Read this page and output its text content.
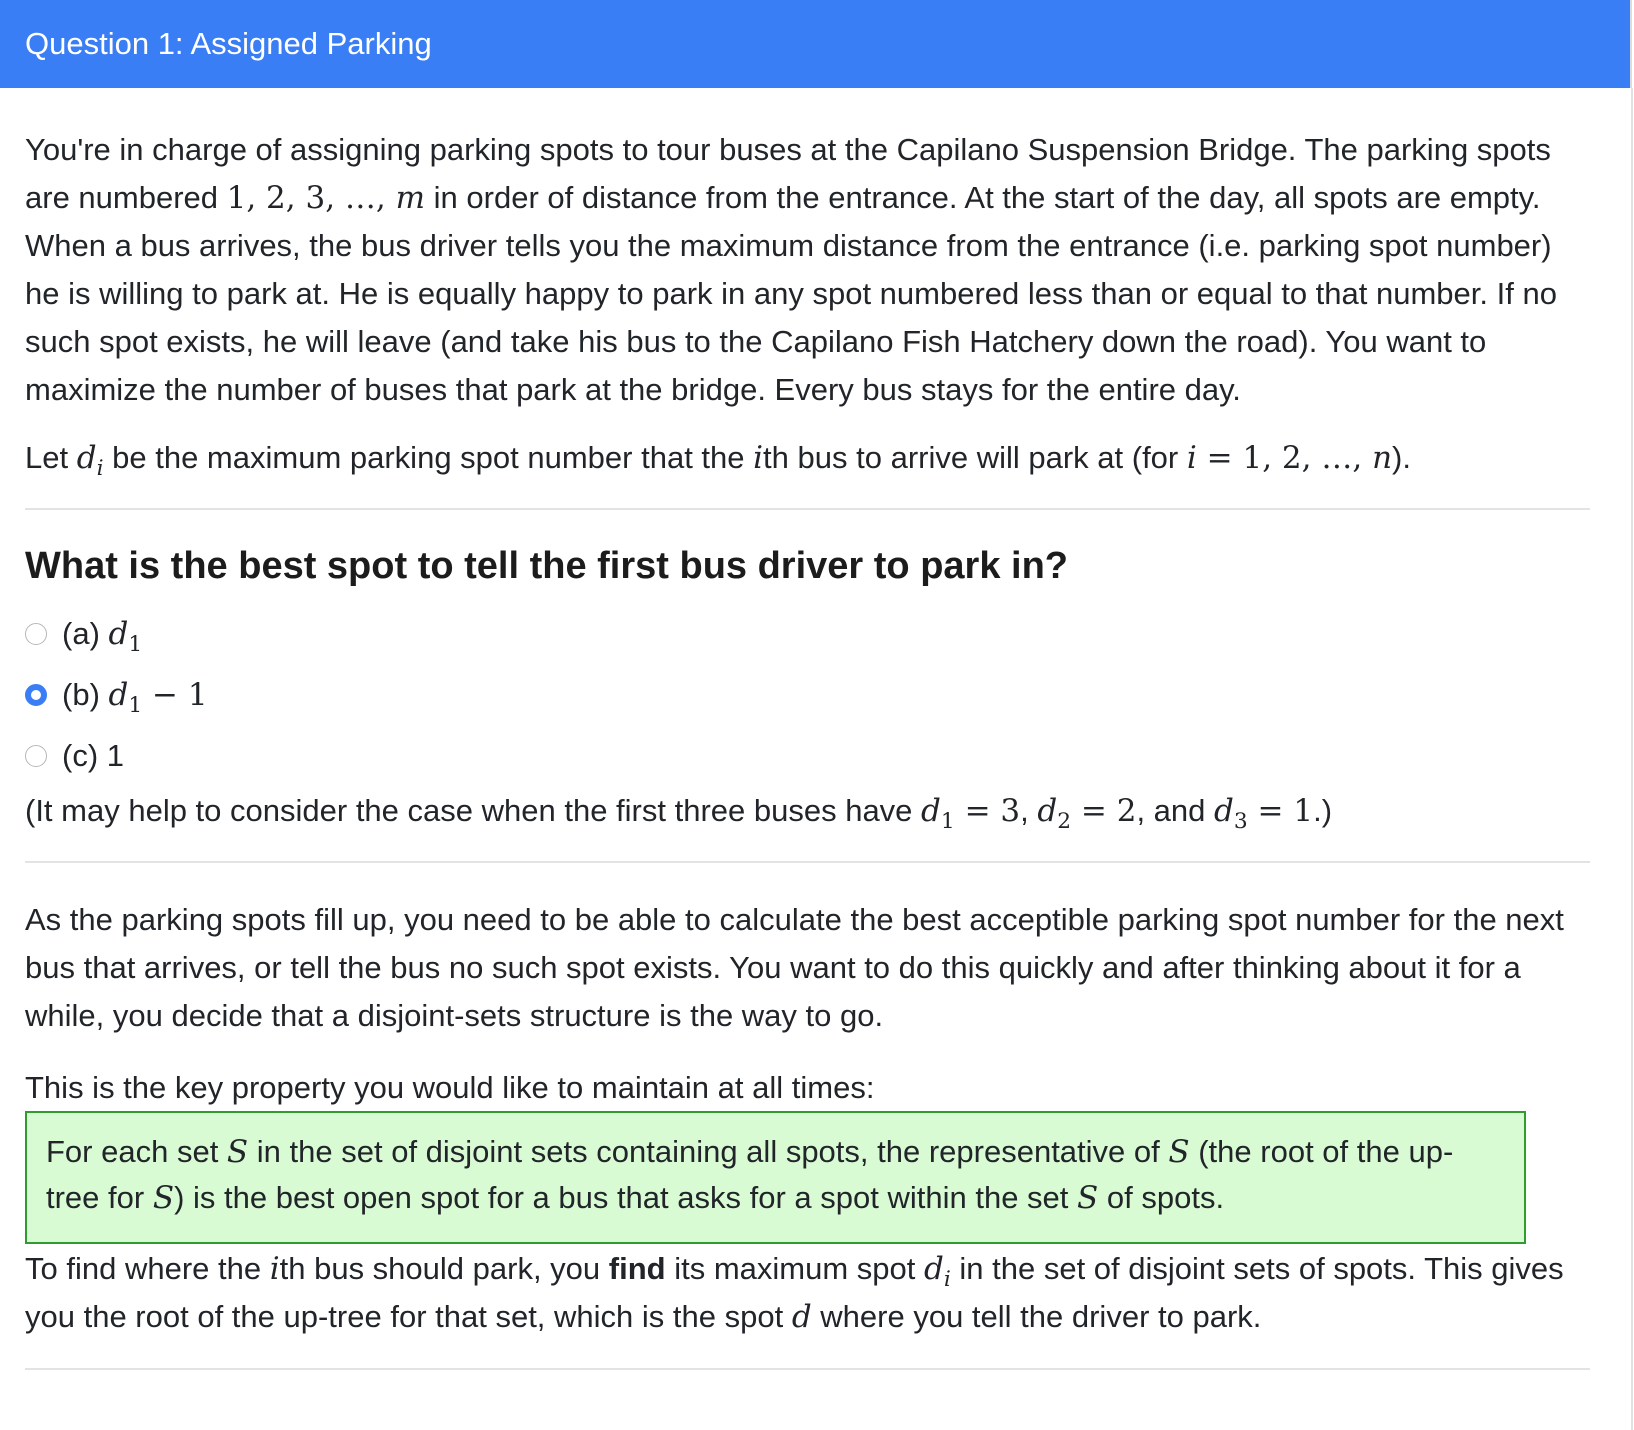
Question 1: Assigned Parking

You're in charge of assigning parking spots to tour buses at the Capilano Suspension Bridge. The parking spots are numbered 1, 2, 3, …, m in order of distance from the entrance. At the start of the day, all spots are empty. When a bus arrives, the bus driver tells you the maximum distance from the entrance (i.e. parking spot number) he is willing to park at. He is equally happy to park in any spot numbered less than or equal to that number. If no such spot exists, he will leave (and take his bus to the Capilano Fish Hatchery down the road). You want to maximize the number of buses that park at the bridge. Every bus stays for the entire day.

Let $d_i$ be the maximum parking spot number that the ith bus to arrive will park at (for i = 1, 2, …, n).

What is the best spot to tell the first bus driver to park in?
(a) $d_1$
(b) $d_1 - 1$
(c) 1

(It may help to consider the case when the first three buses have $d_1 = 3$, $d_2 = 2$, and $d_3 = 1$.)

As the parking spots fill up, you need to be able to calculate the best acceptible parking spot number for the next bus that arrives, or tell the bus no such spot exists. You want to do this quickly and after thinking about it for a while, you decide that a disjoint-sets structure is the way to go.

This is the key property you would like to maintain at all times:

For each set S in the set of disjoint sets containing all spots, the representative of S (the root of the up-tree for S) is the best open spot for a bus that asks for a spot within the set S of spots.

To find where the ith bus should park, you find its maximum spot $d_i$ in the set of disjoint sets of spots. This gives you the root of the up-tree for that set, which is the spot d where you tell the driver to park.
